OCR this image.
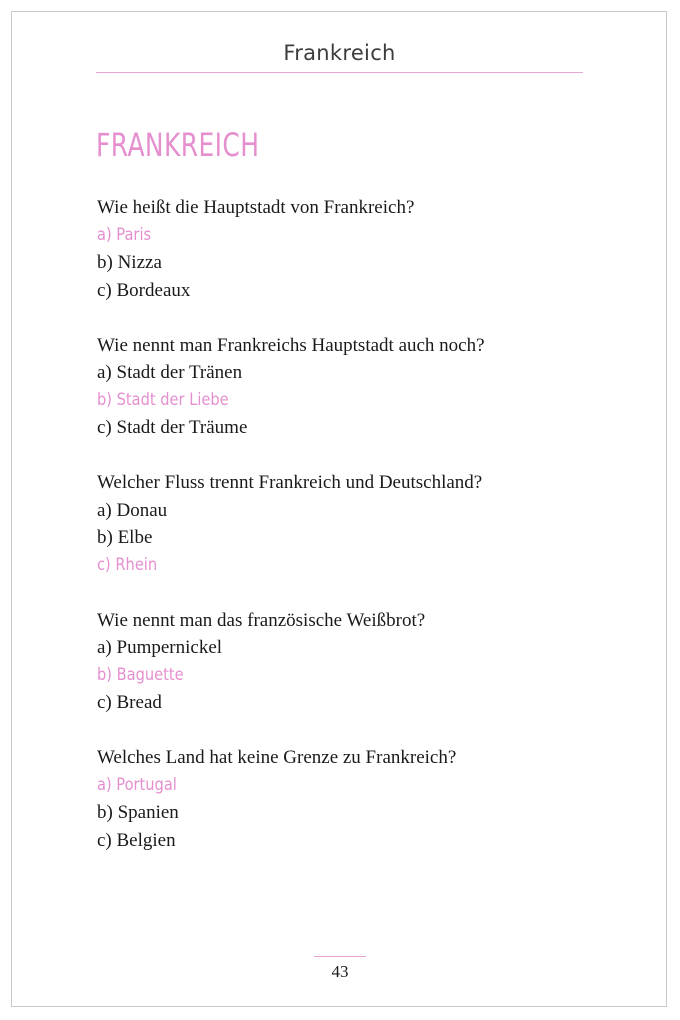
Frankreich
FRANKREICH
Wie heißt die Hauptstadt von Frankreich?
a) Paris
b) Nizza
c) Bordeaux
Wie nennt man Frankreichs Hauptstadt auch noch?
a) Stadt der Tränen
b) Stadt der Liebe
c) Stadt der Träume
Welcher Fluss trennt Frankreich und Deutschland?
a) Donau
b) Elbe
c) Rhein
Wie nennt man das französische Weißbrot?
a) Pumpernickel
b) Baguette
c) Bread
Welches Land hat keine Grenze zu Frankreich?
a) Portugal
b) Spanien
c) Belgien
43
